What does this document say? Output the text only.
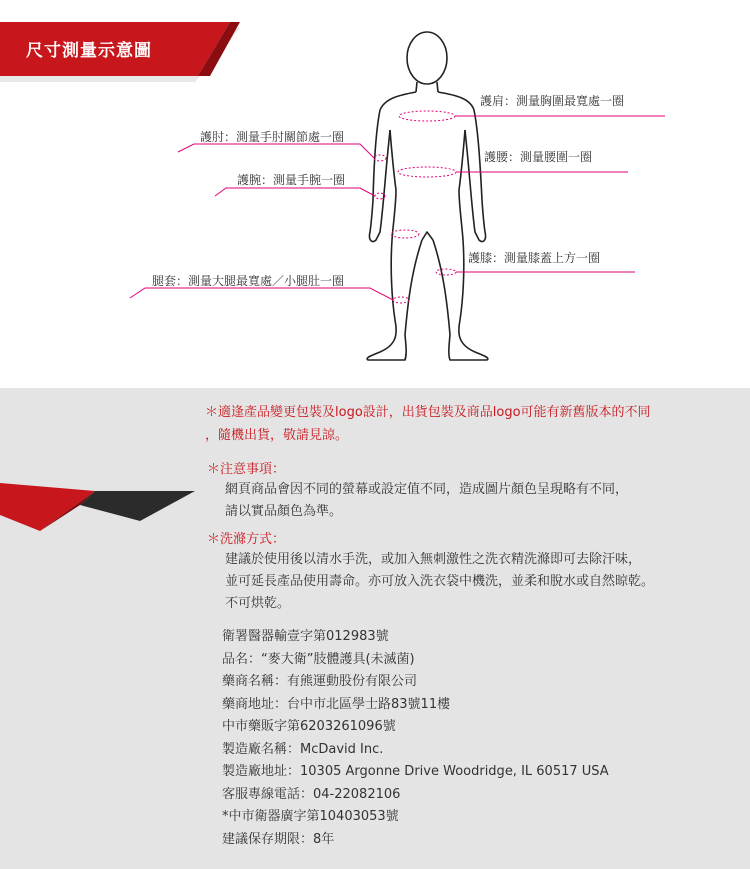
尺寸測量示意圖
護肩：測量胸圍最寬處一圈
護肘：測量手肘關節處一圈
護腰：測量腰圍一圈
護腕：測量手腕一圈
護膝：測量膝蓋上方一圈
腿套：測量大腿最寬處／小腿肚一圈
＊適逢產品變更包裝及logo設計，出貨包裝及商品logo可能有新舊版本的不同
，隨機出貨，敬請見諒。
＊注意事項：
網頁商品會因不同的螢幕或設定值不同，造成圖片顏色呈現略有不同，
請以實品顏色為準。
＊洗滌方式：
建議於使用後以清水手洗，或加入無刺激性之洗衣精洗滌即可去除汗味，
並可延長產品使用壽命。亦可放入洗衣袋中機洗，並柔和脫水或自然晾乾。
不可烘乾。
衛署醫器輸壹字第012983號
品名：“麥大衛”肢體護具(未滅菌)
藥商名稱：有熊運動股份有限公司
藥商地址：台中市北區學士路83號11樓
中市藥販字第6203261096號
製造廠名稱：McDavid Inc.
製造廠地址：10305 Argonne Drive Woodridge, IL 60517 USA
客服專線電話：04-22082106
*中市衛器廣字第10403053號
建議保存期限：8年
